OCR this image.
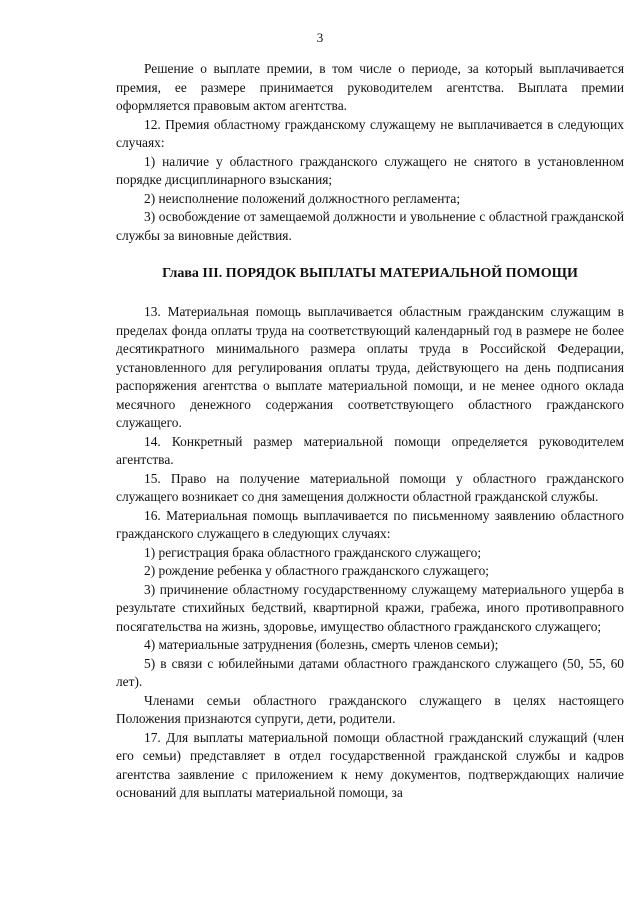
3

Решение о выплате премии, в том числе о периоде, за который выплачивается премия, ее размере принимается руководителем агентства. Выплата премии оформляется правовым актом агентства.

12. Премия областному гражданскому служащему не выплачивается в следующих случаях:

1) наличие у областного гражданского служащего не снятого в установленном порядке дисциплинарного взыскания;

2) неисполнение положений должностного регламента;

3) освобождение от замещаемой должности и увольнение с областной гражданской службы за виновные действия.

Глава III. ПОРЯДОК ВЫПЛАТЫ МАТЕРИАЛЬНОЙ ПОМОЩИ

13. Материальная помощь выплачивается областным гражданским служащим в пределах фонда оплаты труда на соответствующий календарный год в размере не более десятикратного минимального размера оплаты труда в Российской Федерации, установленного для регулирования оплаты труда, действующего на день подписания распоряжения агентства о выплате материальной помощи, и не менее одного оклада месячного денежного содержания соответствующего областного гражданского служащего.

14. Конкретный размер материальной помощи определяется руководителем агентства.

15. Право на получение материальной помощи у областного гражданского служащего возникает со дня замещения должности областной гражданской службы.

16. Материальная помощь выплачивается по письменному заявлению областного гражданского служащего в следующих случаях:

1) регистрация брака областного гражданского служащего;

2) рождение ребенка у областного гражданского служащего;

3) причинение областному государственному служащему материального ущерба в результате стихийных бедствий, квартирной кражи, грабежа, иного противоправного посягательства на жизнь, здоровье, имущество областного гражданского служащего;

4) материальные затруднения (болезнь, смерть членов семьи);

5) в связи с юбилейными датами областного гражданского служащего (50, 55, 60 лет).

Членами семьи областного гражданского служащего в целях настоящего Положения признаются супруги, дети, родители.

17. Для выплаты материальной помощи областной гражданский служащий (член его семьи) представляет в отдел государственной гражданской службы и кадров агентства заявление с приложением к нему документов, подтверждающих наличие оснований для выплаты материальной помощи, за
